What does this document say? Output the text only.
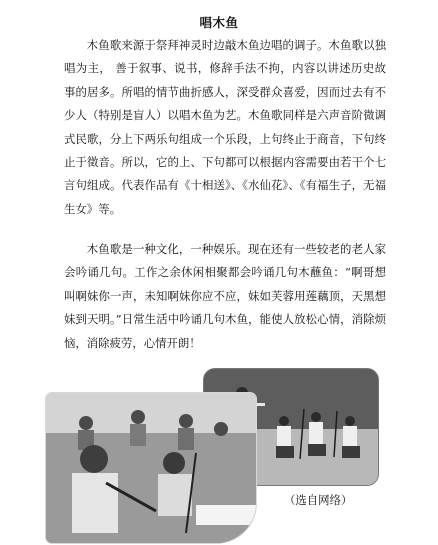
唱木鱼

木鱼歌来源于祭拜神灵时边敲木鱼边唱的调子。木鱼歌以独唱为主， 善于叙事、说书，修辞手法不拘，内容以讲述历史故事的居多。所唱的情节曲折感人，深受群众喜爱，因而过去有不少人（特别是盲人）以唱木鱼为艺。木鱼歌同样是六声音阶微调式民歌，分上下两乐句组成一个乐段，上句终止于商音，下句终止于徵音。所以，它的上、下句都可以根据内容需要由若干个七言句组成。代表作品有《十相送》、《水仙花》、《有福生子，无福生女》等。

木鱼歌是一种文化，一种娱乐。现在还有一些较老的老人家会吟诵几句。工作之余休闲相聚都会吟诵几句木蘸鱼：“啊哥想叫啊妹你一声，未知啊妹你应不应，妹如芙蓉用莲藕顶，天黑想妹到天明。”日常生活中吟诵几句木鱼，能使人放松心情，消除烦恼，消除疲劳，心情开朗！

（选自网络）
